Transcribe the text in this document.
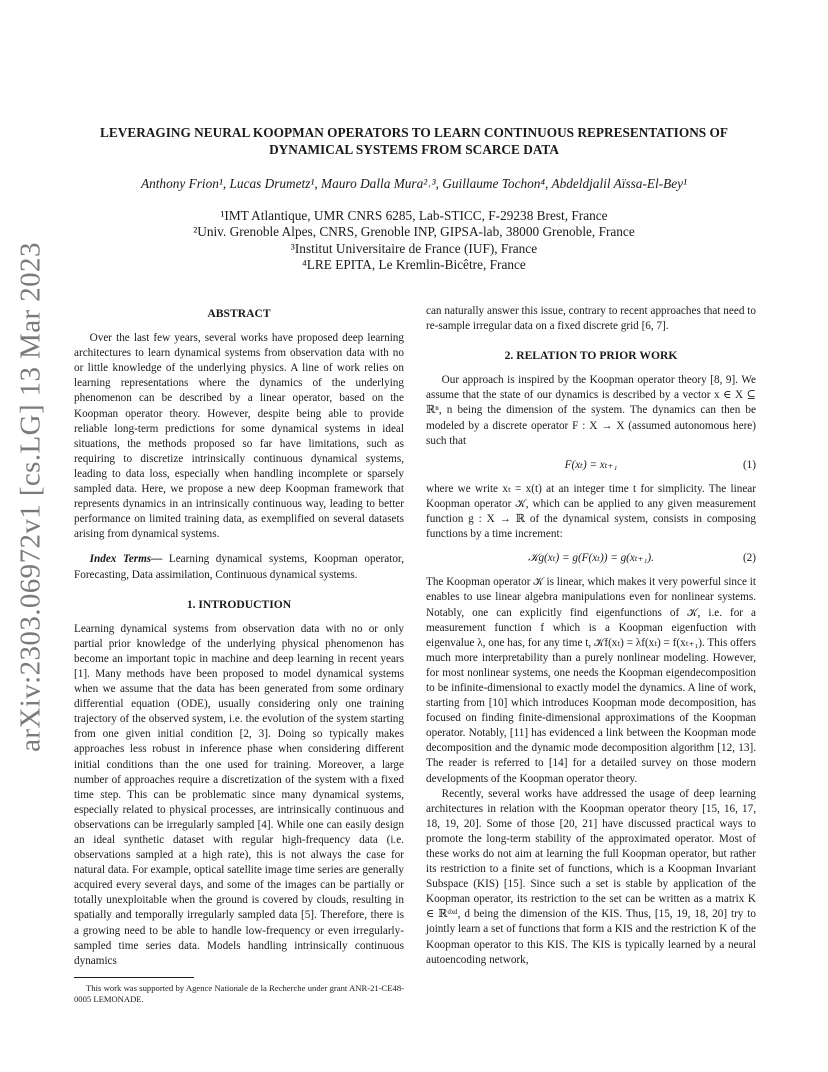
arXiv:2303.06972v1 [cs.LG] 13 Mar 2023
LEVERAGING NEURAL KOOPMAN OPERATORS TO LEARN CONTINUOUS REPRESENTATIONS OF DYNAMICAL SYSTEMS FROM SCARCE DATA
Anthony Frion¹, Lucas Drumetz¹, Mauro Dalla Mura²˒³, Guillaume Tochon⁴, Abdeldjalil Aïssa-El-Bey¹
¹IMT Atlantique, UMR CNRS 6285, Lab-STICC, F-29238 Brest, France
²Univ. Grenoble Alpes, CNRS, Grenoble INP, GIPSA-lab, 38000 Grenoble, France
³Institut Universitaire de France (IUF), France
⁴LRE EPITA, Le Kremlin-Bicêtre, France
ABSTRACT

Over the last few years, several works have proposed deep learning architectures to learn dynamical systems from observation data with no or little knowledge of the underlying physics. A line of work relies on learning representations where the dynamics of the underlying phenomenon can be described by a linear operator, based on the Koopman operator theory. However, despite being able to provide reliable long-term predictions for some dynamical systems in ideal situations, the methods proposed so far have limitations, such as requiring to discretize intrinsically continuous dynamical systems, leading to data loss, especially when handling incomplete or sparsely sampled data. Here, we propose a new deep Koopman framework that represents dynamics in an intrinsically continuous way, leading to better performance on limited training data, as exemplified on several datasets arising from dynamical systems.

Index Terms— Learning dynamical systems, Koopman operator, Forecasting, Data assimilation, Continuous dynamical systems.

1. INTRODUCTION

Learning dynamical systems from observation data with no or only partial prior knowledge of the underlying physical phenomenon has become an important topic in machine and deep learning in recent years [1]. Many methods have been proposed to model dynamical systems when we assume that the data has been generated from some ordinary differential equation (ODE), usually considering only one training trajectory of the observed system, i.e. the evolution of the system starting from one given initial condition [2, 3]. Doing so typically makes approaches less robust in inference phase when considering different initial conditions than the one used for training. Moreover, a large number of approaches require a discretization of the system with a fixed time step. This can be problematic since many dynamical systems, especially related to physical processes, are intrinsically continuous and observations can be irregularly sampled [4]. While one can easily design an ideal synthetic dataset with regular high-frequency data (i.e. observations sampled at a high rate), this is not always the case for natural data. For example, optical satellite image time series are generally acquired every several days, and some of the images can be partially or totally unexploitable when the ground is covered by clouds, resulting in spatially and temporally irregularly sampled data [5]. Therefore, there is a growing need to be able to handle low-frequency or even irregularly-sampled time series data. Models handling intrinsically continuous dynamics

This work was supported by Agence Nationale de la Recherche under grant ANR-21-CE48-0005 LEMONADE.

can naturally answer this issue, contrary to recent approaches that need to re-sample irregular data on a fixed discrete grid [6, 7].

2. RELATION TO PRIOR WORK

Our approach is inspired by the Koopman operator theory [8, 9]. We assume that the state of our dynamics is described by a vector x ∈ X ⊆ ℝⁿ, n being the dimension of the system. The dynamics can then be modeled by a discrete operator F : X → X (assumed autonomous here) such that

F(xₜ) = xₜ₊₁	(1)

where we write xₜ = x(t) at an integer time t for simplicity. The linear Koopman operator 𝒦, which can be applied to any given measurement function g : X → ℝ of the dynamical system, consists in composing functions by a time increment:

𝒦g(xₜ) = g(F(xₜ)) = g(xₜ₊₁).	(2)

The Koopman operator 𝒦 is linear, which makes it very powerful since it enables to use linear algebra manipulations even for nonlinear systems. Notably, one can explicitly find eigenfunctions of 𝒦, i.e. for a measurement function f which is a Koopman eigenfuction with eigenvalue λ, one has, for any time t, 𝒦f(xₜ) = λf(xₜ) = f(xₜ₊₁). This offers much more interpretability than a purely nonlinear modeling. However, for most nonlinear systems, one needs the Koopman eigendecomposition to be infinite-dimensional to exactly model the dynamics. A line of work, starting from [10] which introduces Koopman mode decomposition, has focused on finding finite-dimensional approximations of the Koopman operator. Notably, [11] has evidenced a link between the Koopman mode decomposition and the dynamic mode decomposition algorithm [12, 13]. The reader is referred to [14] for a detailed survey on those modern developments of the Koopman operator theory.

Recently, several works have addressed the usage of deep learning architectures in relation with the Koopman operator theory [15, 16, 17, 18, 19, 20]. Some of those [20, 21] have discussed practical ways to promote the long-term stability of the approximated operator. Most of these works do not aim at learning the full Koopman operator, but rather its restriction to a finite set of functions, which is a Koopman Invariant Subspace (KIS) [15]. Since such a set is stable by application of the Koopman operator, its restriction to the set can be written as a matrix K ∈ ℝᵈˣᵈ, d being the dimension of the KIS. Thus, [15, 19, 18, 20] try to jointly learn a set of functions that form a KIS and the restriction K of the Koopman operator to this KIS. The KIS is typically learned by a neural autoencoding network,
